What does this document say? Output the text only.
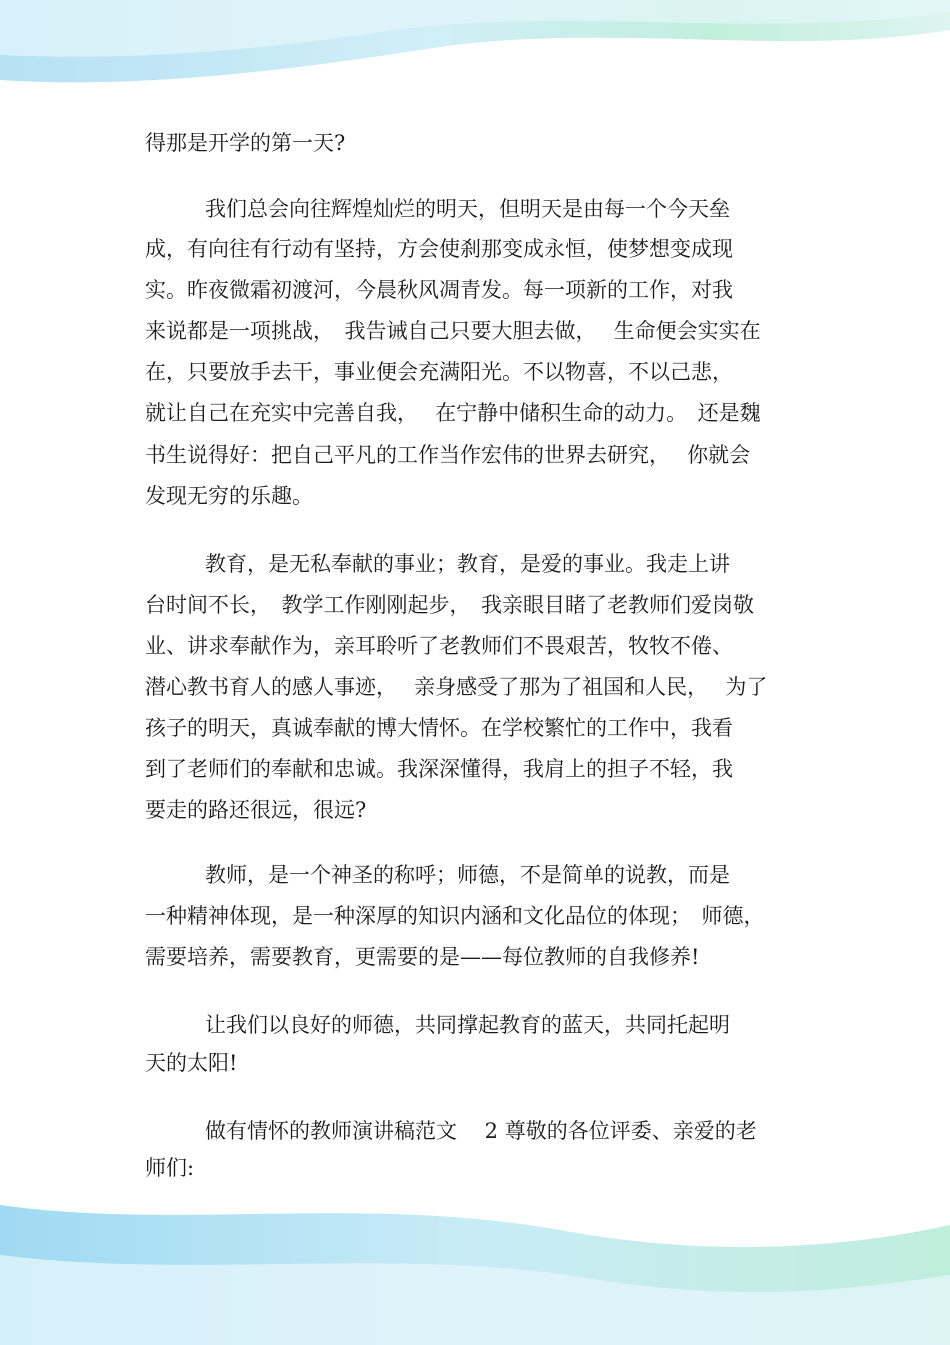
得那是开学的第一天?
我们总会向往辉煌灿烂的明天，但明天是由每一个今天垒
成，有向往有行动有坚持，方会使刹那变成永恒，使梦想变成现
实。昨夜微霜初渡河，今晨秋风凋青发。每一项新的工作，对我
来说都是一项挑战，　我告诫自己只要大胆去做，　 生命便会实实在
在，只要放手去干，事业便会充满阳光。不以物喜，不以己悲，
就让自己在充实中完善自我，　 在宁静中储积生命的动力。　还是魏
书生说得好：把自己平凡的工作当作宏伟的世界去研究，　 你就会
发现无穷的乐趣。
教育，是无私奉献的事业；教育，是爱的事业。我走上讲
台时间不长，　教学工作刚刚起步，　我亲眼目睹了老教师们爱岗敬
业、讲求奉献作为，亲耳聆听了老教师们不畏艰苦，牧牧不倦、
潜心教书育人的感人事迹，　 亲身感受了那为了祖国和人民，　 为了
孩子的明天，真诚奉献的博大情怀。在学校繁忙的工作中，我看
到了老师们的奉献和忠诚。我深深懂得，我肩上的担子不轻，我
要走的路还很远，很远?
教师，是一个神圣的称呼；师德，不是简单的说教，而是
一种精神体现，是一种深厚的知识内涵和文化品位的体现；　师德，
需要培养，需要教育，更需要的是——每位教师的自我修养!
让我们以良好的师德，共同撑起教育的蓝天，共同托起明
天的太阳!
做有情怀的教师演讲稿范文　 2 尊敬的各位评委、亲爱的老
师们:
